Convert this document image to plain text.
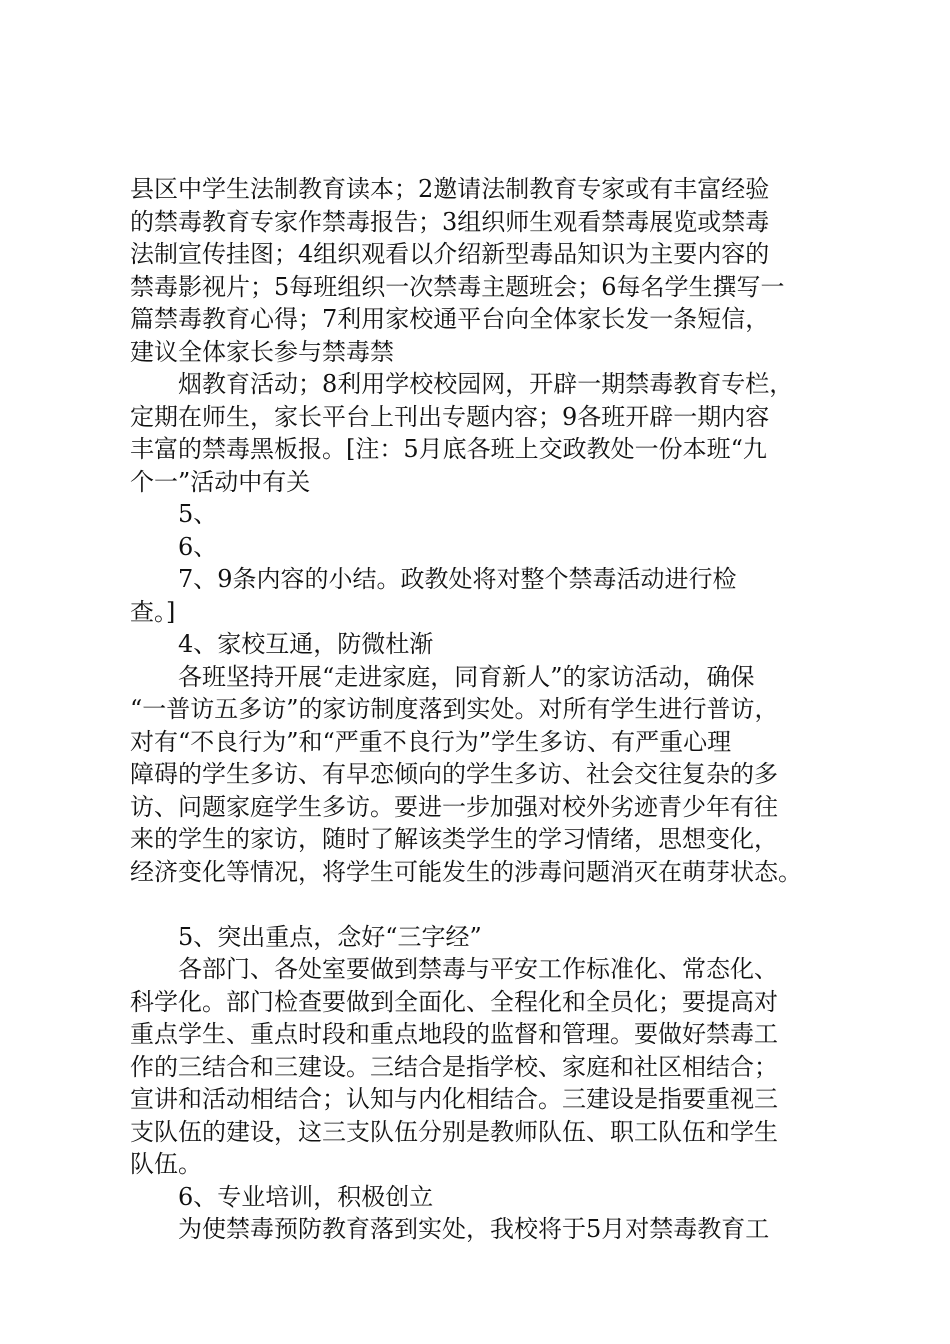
县区中学生法制教育读本；2邀请法制教育专家或有丰富经验
的禁毒教育专家作禁毒报告；3组织师生观看禁毒展览或禁毒
法制宣传挂图；4组织观看以介绍新型毒品知识为主要内容的
禁毒影视片；5每班组织一次禁毒主题班会；6每名学生撰写一
篇禁毒教育心得；7利用家校通平台向全体家长发一条短信，
建议全体家长参与禁毒禁
烟教育活动；8利用学校校园网，开辟一期禁毒教育专栏，
定期在师生，家长平台上刊出专题内容；9各班开辟一期内容
丰富的禁毒黑板报。[注：5月底各班上交政教处一份本班“九
个一”活动中有关
5、
6、
7、9条内容的小结。政教处将对整个禁毒活动进行检
查。]
4、家校互通，防微杜渐
各班坚持开展“走进家庭，同育新人”的家访活动，确保
“一普访五多访”的家访制度落到实处。对所有学生进行普访，
对有“不良行为”和“严重不良行为”学生多访、有严重心理
障碍的学生多访、有早恋倾向的学生多访、社会交往复杂的多
访、问题家庭学生多访。要进一步加强对校外劣迹青少年有往
来的学生的家访，随时了解该类学生的学习情绪，思想变化，
经济变化等情况，将学生可能发生的涉毒问题消灭在萌芽状态。
5、突出重点，念好“三字经”
各部门、各处室要做到禁毒与平安工作标准化、常态化、
科学化。部门检查要做到全面化、全程化和全员化；要提高对
重点学生、重点时段和重点地段的监督和管理。要做好禁毒工
作的三结合和三建设。三结合是指学校、家庭和社区相结合；
宣讲和活动相结合；认知与内化相结合。三建设是指要重视三
支队伍的建设，这三支队伍分别是教师队伍、职工队伍和学生
队伍。
6、专业培训，积极创立
为使禁毒预防教育落到实处，我校将于5月对禁毒教育工
